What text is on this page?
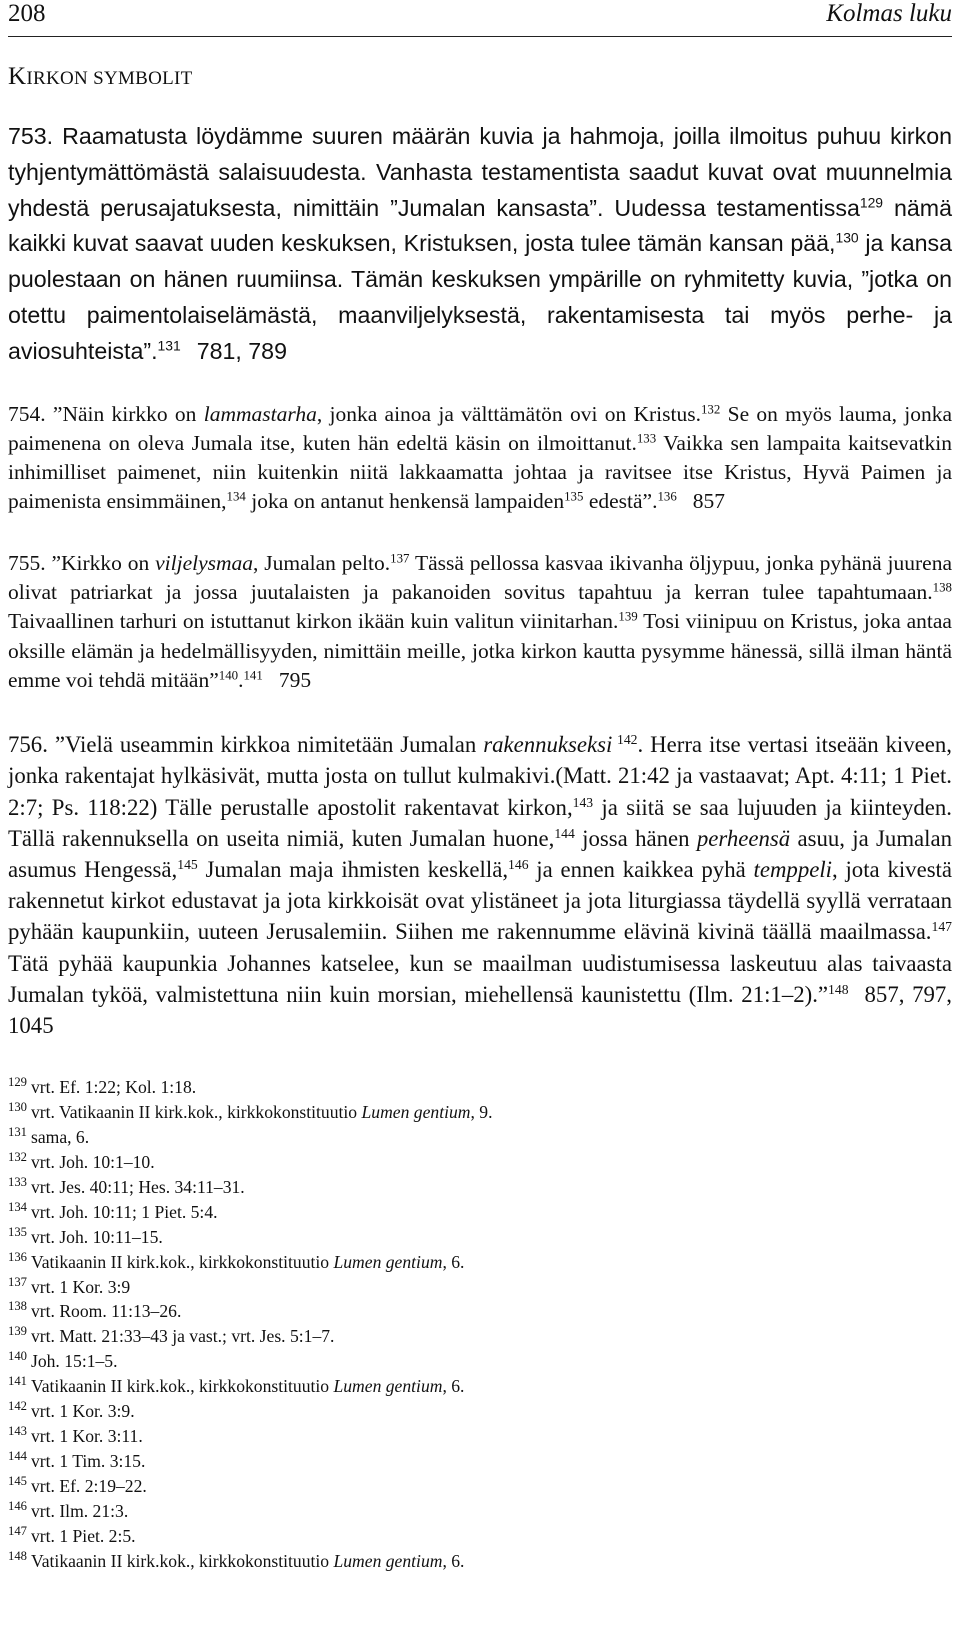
208	Kolmas luku
KIRKON SYMBOLIT

753. Raamatusta löydämme suuren määrän kuvia ja hahmoja, joilla ilmoitus puhuu kirkon tyhjentymättömästä salaisuudesta. Vanhasta testamentista saadut kuvat ovat muunnelmia yhdestä perusajatuksesta, nimittäin ”Jumalan kansasta”. Uudessa testamentissa$^{129}$ nämä kaikki kuvat saavat uuden keskuksen, Kristuksen, josta tulee tämän kansan pää,$^{130}$ ja kansa puolestaan on hänen ruumiinsa. Tämän keskuksen ympärille on ryhmitetty kuvia, ”jotka on otettu paimentolaiselämästä, maanviljelyksestä, rakentamisesta tai myös perhe- ja aviosuhteista”.$^{131}$ 781, 789

754. ”Näin kirkko on lammastarha, jonka ainoa ja välttämätön ovi on Kristus.$^{132}$ Se on myös lauma, jonka paimenena on oleva Jumala itse, kuten hän edeltä käsin on ilmoittanut.$^{133}$ Vaikka sen lampaita kaitsevatkin inhimilliset paimenet, niin kuitenkin niitä lakkaamatta johtaa ja ravitsee itse Kristus, Hyvä Paimen ja paimenista ensimmäinen,$^{134}$ joka on antanut henkensä lampaiden$^{135}$ edestä”.$^{136}$ 857

755. ”Kirkko on viljelysmaa, Jumalan pelto.$^{137}$ Tässä pellossa kasvaa ikivanha öljypuu, jonka pyhänä juurena olivat patriarkat ja jossa juutalaisten ja pakanoiden sovitus tapahtuu ja kerran tulee tapahtumaan.$^{138}$ Taivaallinen tarhuri on istuttanut kirkon ikään kuin valitun viinitarhan.$^{139}$ Tosi viinipuu on Kristus, joka antaa oksille elämän ja hedelmällisyyden, nimittäin meille, jotka kirkon kautta pysymme hänessä, sillä ilman häntä emme voi tehdä mitään”$^{140}$.$^{141}$ 795

756. ”Vielä useammin kirkkoa nimitetään Jumalan rakennukseksi $^{142}$. Herra itse vertasi itseään kiveen, jonka rakentajat hylkäsivät, mutta josta on tullut kulmakivi.(Matt. 21:42 ja vastaavat; Apt. 4:11; 1 Piet. 2:7; Ps. 118:22) Tälle perustalle apostolit rakentavat kirkon,$^{143}$ ja siitä se saa lujuuden ja kiinteyden. Tällä rakennuksella on useita nimiä, kuten Jumalan huone,$^{144}$ jossa hänen perheensä asuu, ja Jumalan asumus Hengessä,$^{145}$ Jumalan maja ihmisten keskellä,$^{146}$ ja ennen kaikkea pyhä temppeli, jota kivestä rakennetut kirkot edustavat ja jota kirkkoisät ovat ylistäneet ja jota liturgiassa täydellä syyllä verrataan pyhään kaupunkiin, uuteen Jerusalemiin. Siihen me rakennumme elävinä kivinä täällä maailmassa.$^{147}$ Tätä pyhää kaupunkia Johannes katselee, kun se maailman uudistumisessa laskeutuu alas taivaasta Jumalan tyköä, valmistettuna niin kuin morsian, miehellensä kaunistettu (Ilm. 21:1–2).”$^{148}$ 857, 797, 1045

$^{129}$ vrt. Ef. 1:22; Kol. 1:18.
$^{130}$ vrt. Vatikaanin II kirk.kok., kirkkokonstituutio Lumen gentium, 9.
$^{131}$ sama, 6.
$^{132}$ vrt. Joh. 10:1–10.
$^{133}$ vrt. Jes. 40:11; Hes. 34:11–31.
$^{134}$ vrt. Joh. 10:11; 1 Piet. 5:4.
$^{135}$ vrt. Joh. 10:11–15.
$^{136}$ Vatikaanin II kirk.kok., kirkkokonstituutio Lumen gentium, 6.
$^{137}$ vrt. 1 Kor. 3:9
$^{138}$ vrt. Room. 11:13–26.
$^{139}$ vrt. Matt. 21:33–43 ja vast.; vrt. Jes. 5:1–7.
$^{140}$ Joh. 15:1–5.
$^{141}$ Vatikaanin II kirk.kok., kirkkokonstituutio Lumen gentium, 6.
$^{142}$ vrt. 1 Kor. 3:9.
$^{143}$ vrt. 1 Kor. 3:11.
$^{144}$ vrt. 1 Tim. 3:15.
$^{145}$ vrt. Ef. 2:19–22.
$^{146}$ vrt. Ilm. 21:3.
$^{147}$ vrt. 1 Piet. 2:5.
$^{148}$ Vatikaanin II kirk.kok., kirkkokonstituutio Lumen gentium, 6.
